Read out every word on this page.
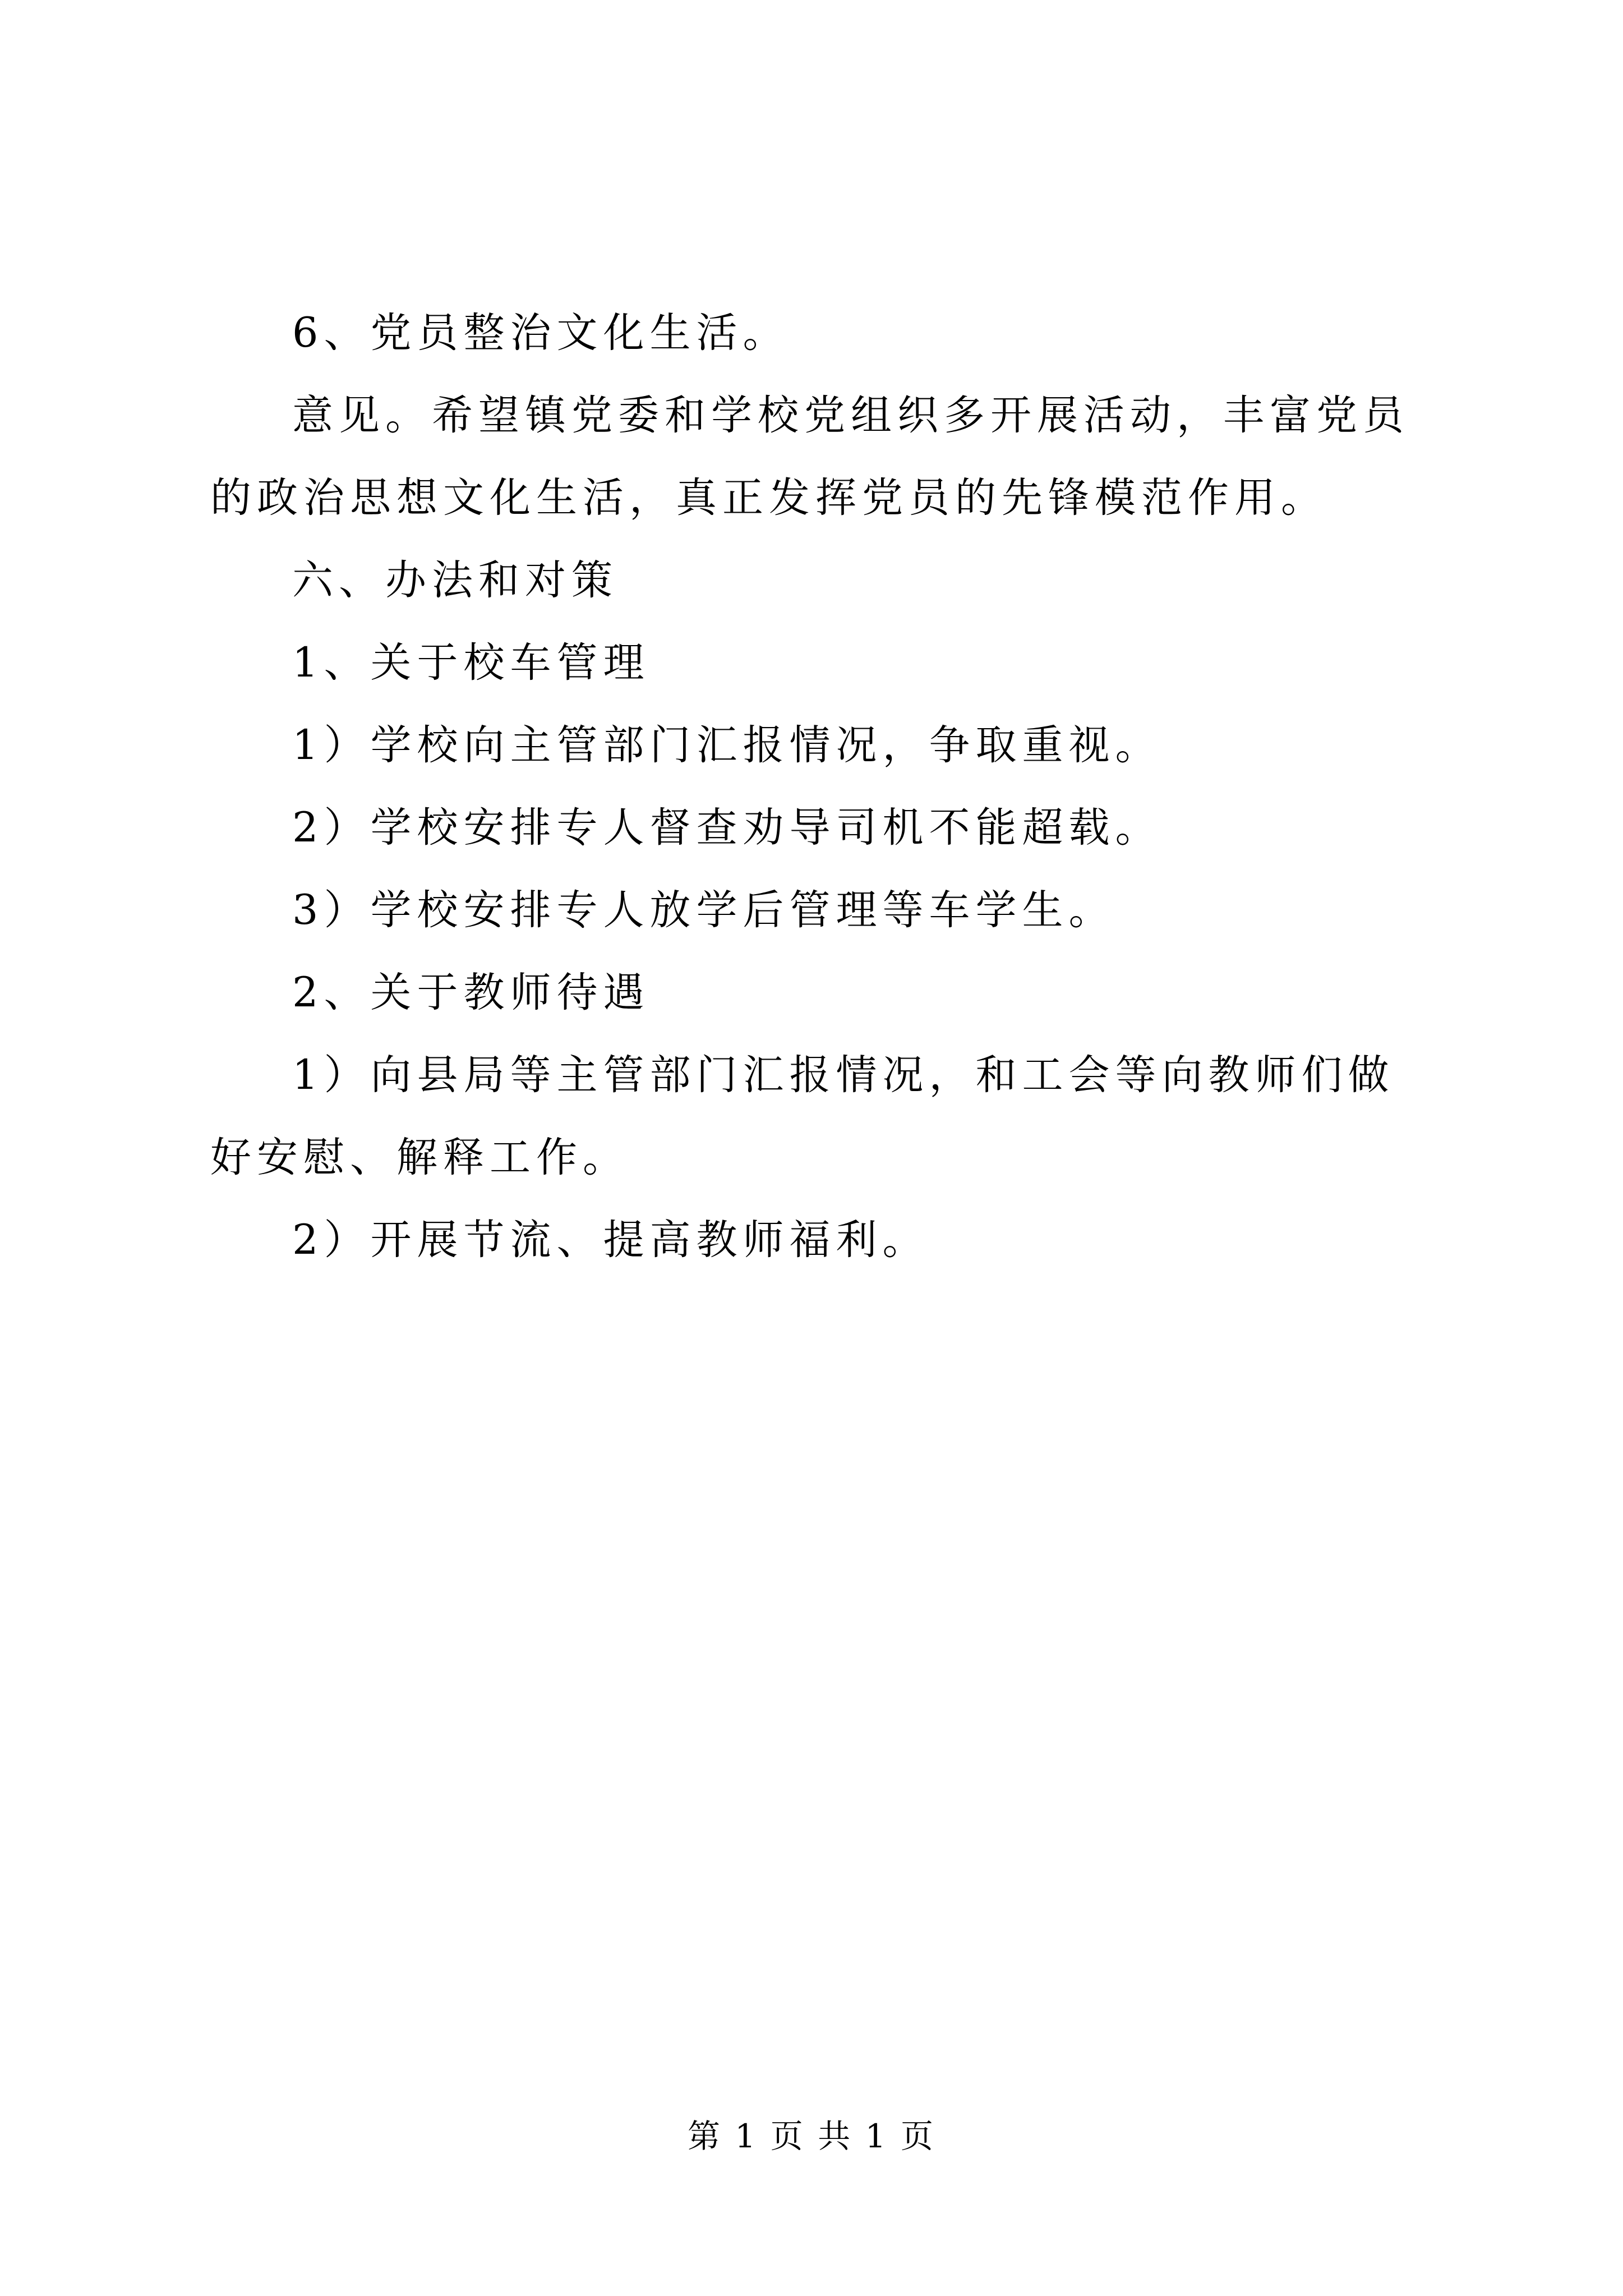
6、党员整治文化生活。

意见。希望镇党委和学校党组织多开展活动，丰富党员的政治思想文化生活，真正发挥党员的先锋模范作用。

六、办法和对策

1、关于校车管理

1）学校向主管部门汇报情况，争取重视。

2）学校安排专人督查劝导司机不能超载。

3）学校安排专人放学后管理等车学生。

2、关于教师待遇

1）向县局等主管部门汇报情况，和工会等向教师们做好安慰、解释工作。

2）开展节流、提高教师福利。

第 1 页 共 1 页
